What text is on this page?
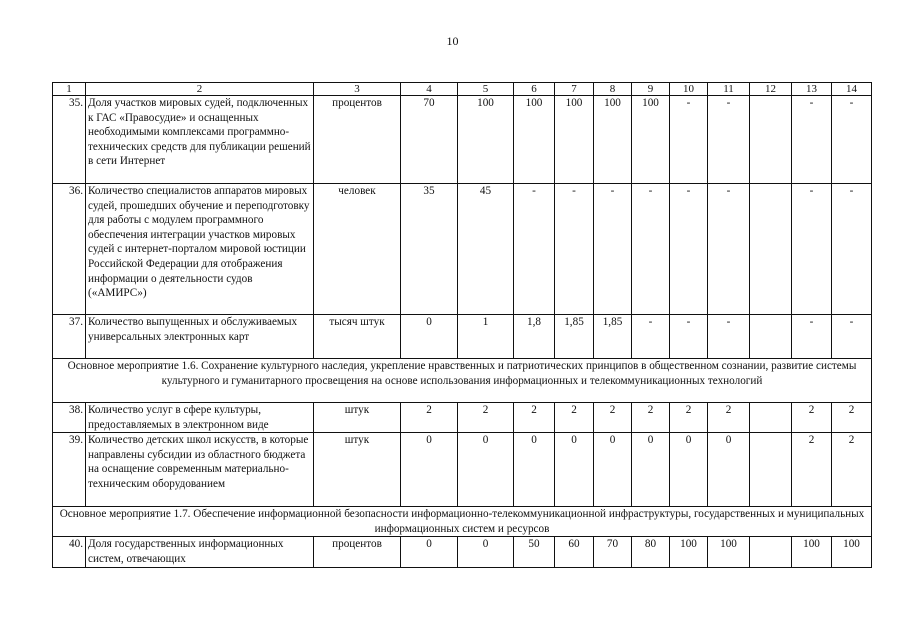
10
1	2	3	4	5	6	7	8	9	10	11	12	13	14
35.	Доля участков мировых судей, подключенных к ГАС «Правосудие» и оснащенных необходимыми комплексами программно-технических средств для публикации решений в сети Интернет	процентов	70	100	100	100	100	100	-	-		-	-
36.	Количество специалистов аппаратов мировых судей, прошедших обучение и переподготовку для работы с модулем программного обеспечения интеграции участков мировых судей с интернет-порталом мировой юстиции Российской Федерации для отображения информации о деятельности судов («АМИРС»)	человек	35	45	-	-	-	-	-	-		-	-
37.	Количество выпущенных и обслуживаемых универсальных электронных карт	тысяч штук	0	1	1,8	1,85	1,85	-	-	-		-	-
Основное мероприятие 1.6. Сохранение культурного наследия, укрепление нравственных и патриотических принципов в общественном сознании, развитие системы культурного и гуманитарного просвещения на основе использования информационных и телекоммуникационных технологий													
38.	Количество услуг в сфере культуры, предоставляемых в электронном виде	штук	2	2	2	2	2	2	2	2		2	2
39.	Количество детских школ искусств, в которые направлены субсидии из областного бюджета на оснащение современным материально-техническим оборудованием	штук	0	0	0	0	0	0	0	0		2	2
Основное мероприятие 1.7. Обеспечение информационной безопасности информационно-телекоммуникационной инфраструктуры, государственных и муниципальных информационных систем и ресурсов													
40.	Доля государственных информационных систем, отвечающих	процентов	0	0	50	60	70	80	100	100		100	100
